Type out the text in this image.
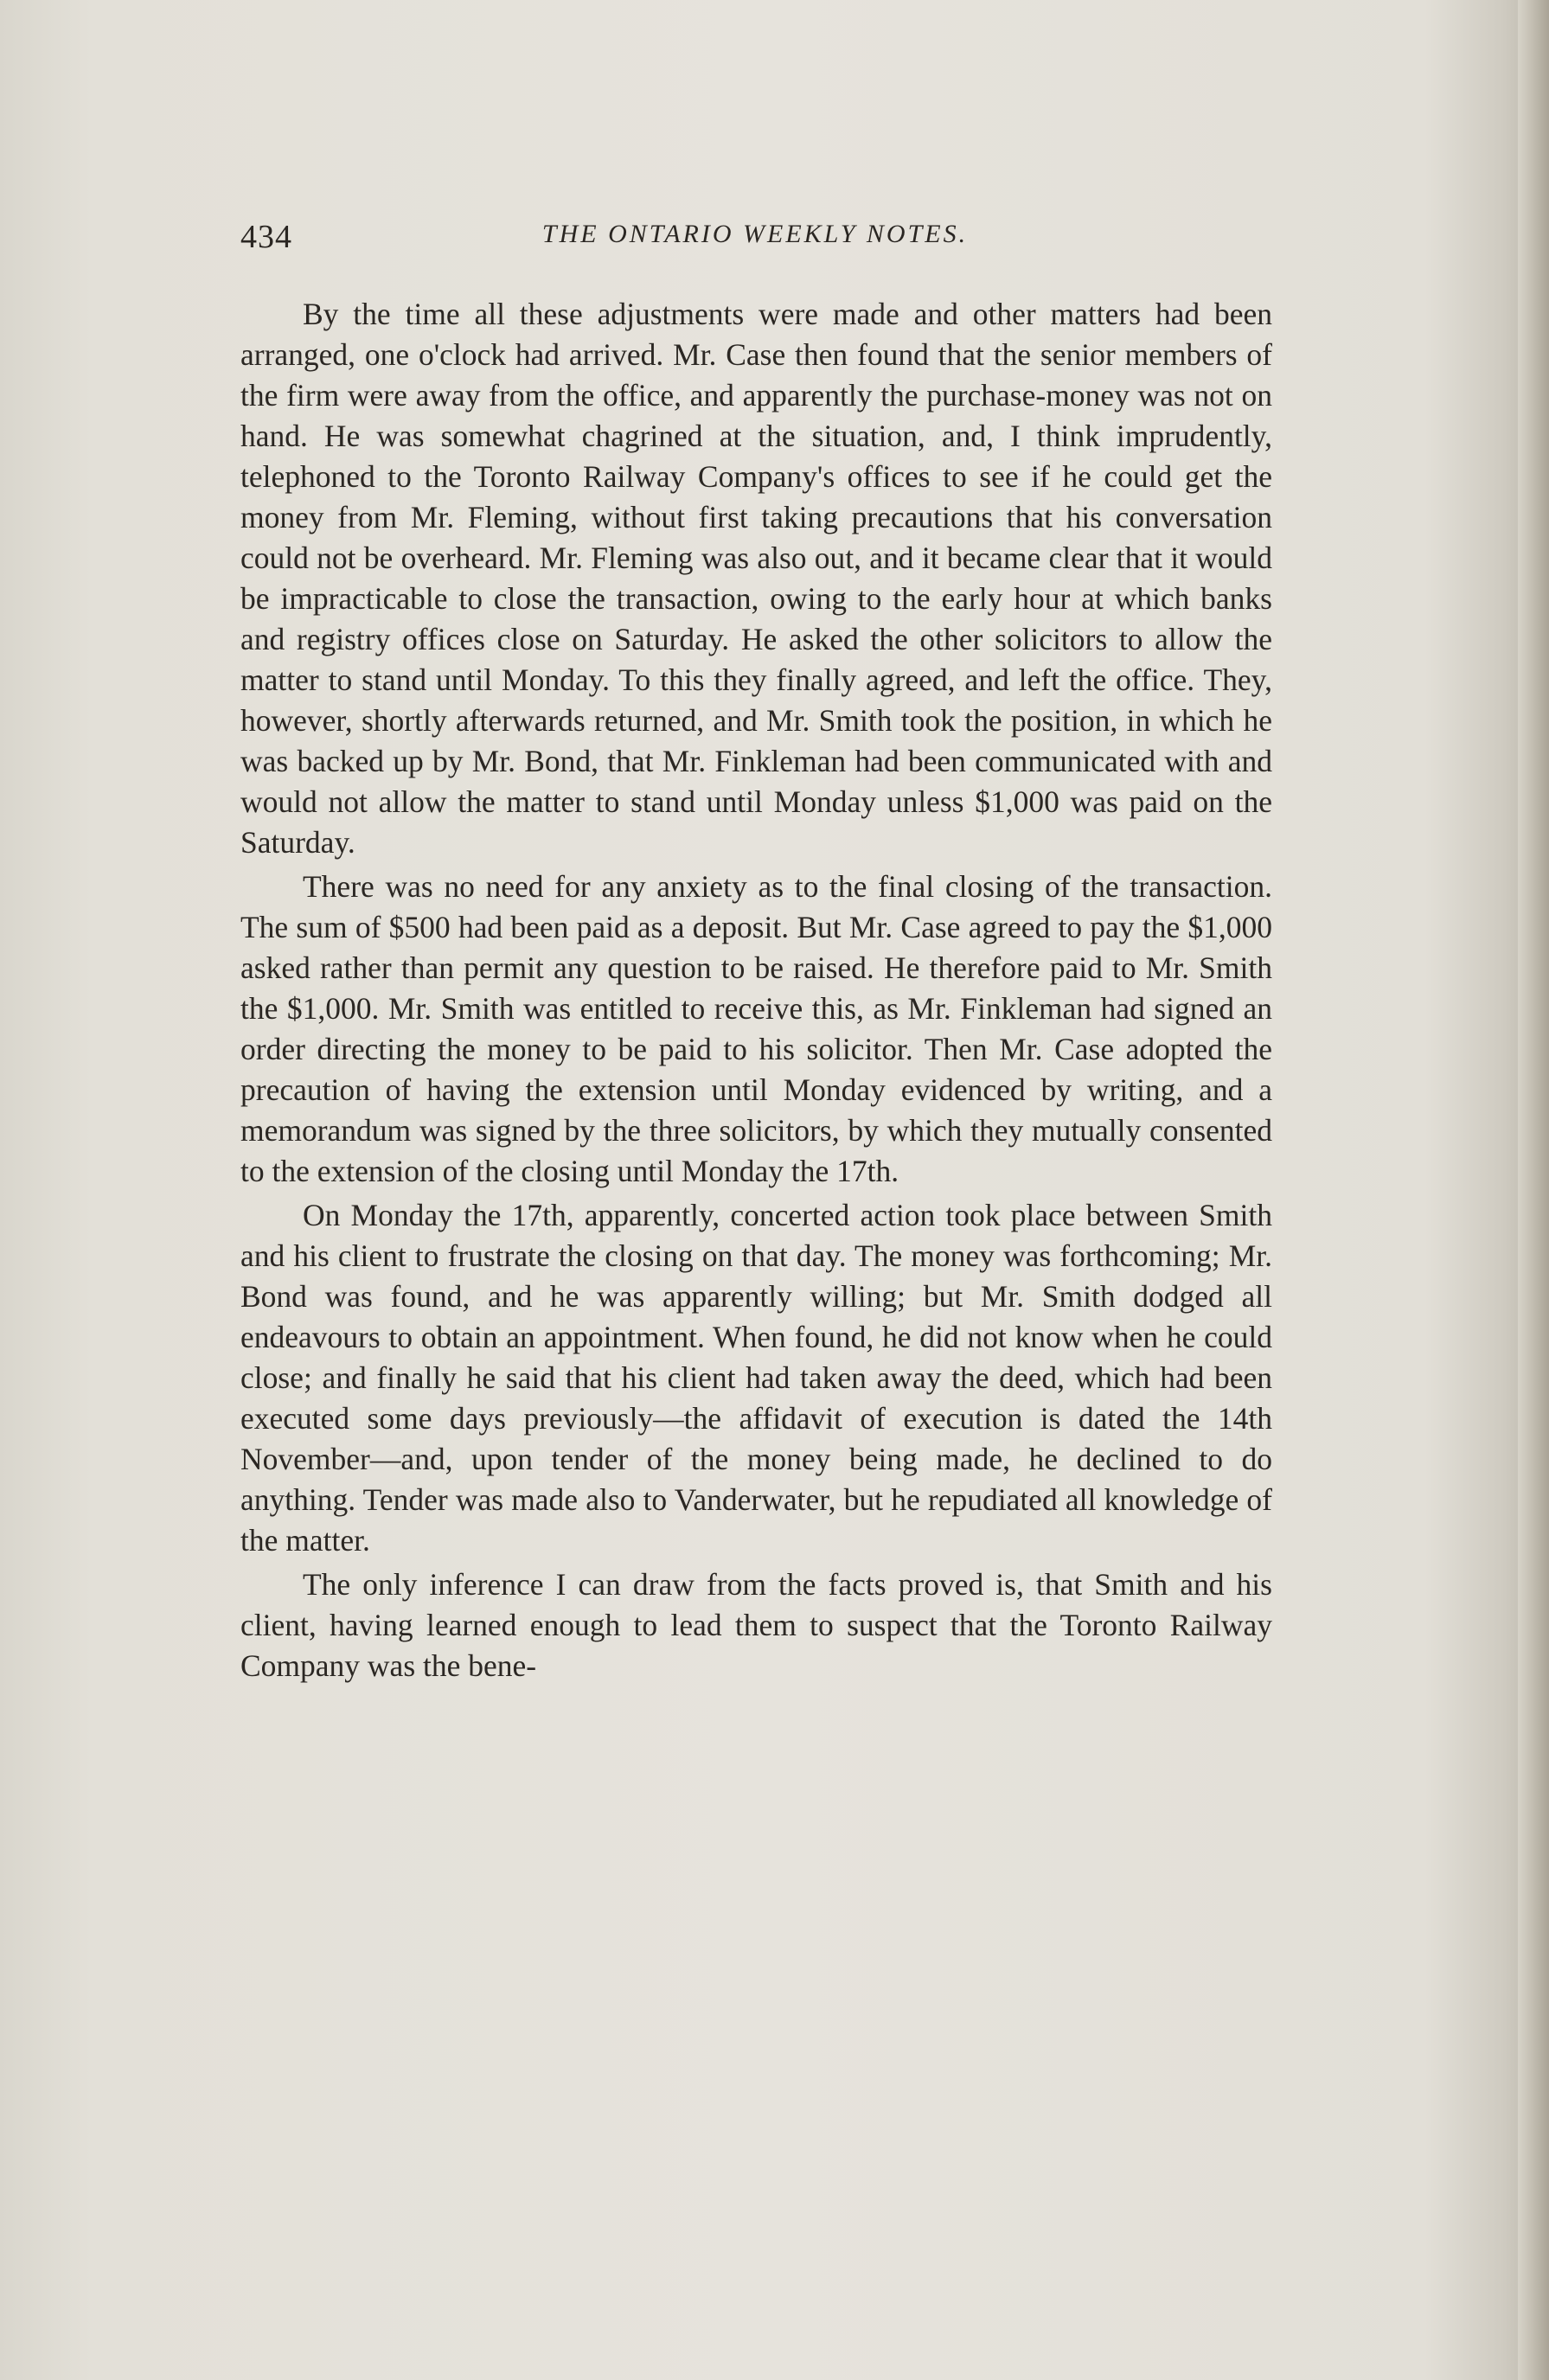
434	THE ONTARIO WEEKLY NOTES.

By the time all these adjustments were made and other matters had been arranged, one o'clock had arrived. Mr. Case then found that the senior members of the firm were away from the office, and apparently the purchase-money was not on hand. He was somewhat chagrined at the situation, and, I think imprudently, telephoned to the Toronto Railway Company's offices to see if he could get the money from Mr. Fleming, without first taking precautions that his conversation could not be overheard. Mr. Fleming was also out, and it became clear that it would be impracticable to close the transaction, owing to the early hour at which banks and registry offices close on Saturday. He asked the other solicitors to allow the matter to stand until Monday. To this they finally agreed, and left the office. They, however, shortly afterwards returned, and Mr. Smith took the position, in which he was backed up by Mr. Bond, that Mr. Finkleman had been communicated with and would not allow the matter to stand until Monday unless $1,000 was paid on the Saturday.

There was no need for any anxiety as to the final closing of the transaction. The sum of $500 had been paid as a deposit. But Mr. Case agreed to pay the $1,000 asked rather than permit any question to be raised. He therefore paid to Mr. Smith the $1,000. Mr. Smith was entitled to receive this, as Mr. Finkleman had signed an order directing the money to be paid to his solicitor. Then Mr. Case adopted the precaution of having the extension until Monday evidenced by writing, and a memorandum was signed by the three solicitors, by which they mutually consented to the extension of the closing until Monday the 17th.

On Monday the 17th, apparently, concerted action took place between Smith and his client to frustrate the closing on that day. The money was forthcoming; Mr. Bond was found, and he was apparently willing; but Mr. Smith dodged all endeavours to obtain an appointment. When found, he did not know when he could close; and finally he said that his client had taken away the deed, which had been executed some days previously—the affidavit of execution is dated the 14th November—and, upon tender of the money being made, he declined to do anything. Tender was made also to Vanderwater, but he repudiated all knowledge of the matter.

The only inference I can draw from the facts proved is, that Smith and his client, having learned enough to lead them to suspect that the Toronto Railway Company was the bene-
